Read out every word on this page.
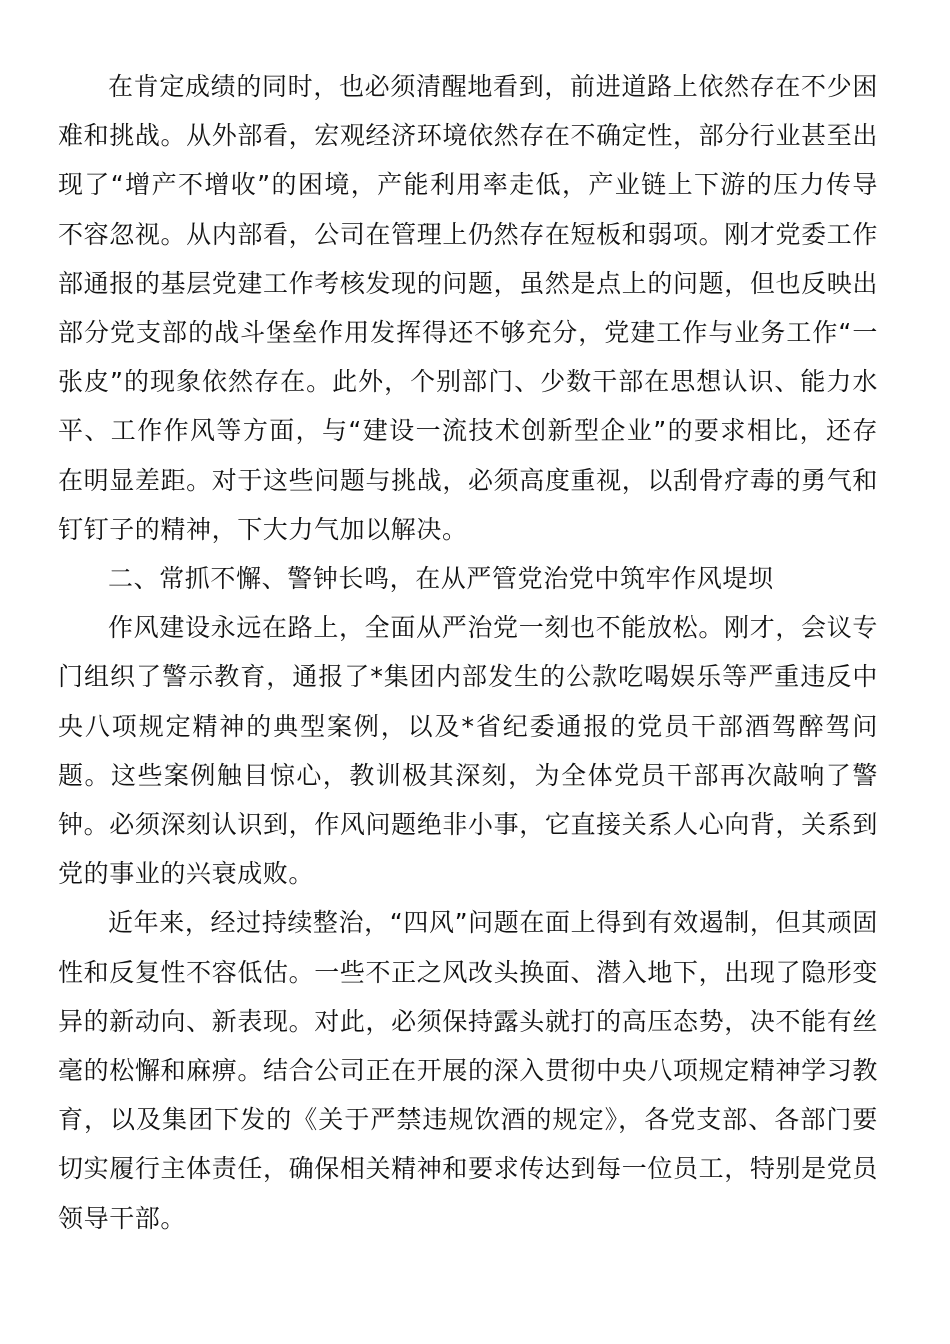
在肯定成绩的同时，也必须清醒地看到，前进道路上依然存在不少困难和挑战。从外部看，宏观经济环境依然存在不确定性，部分行业甚至出现了“增产不增收”的困境，产能利用率走低，产业链上下游的压力传导不容忽视。从内部看，公司在管理上仍然存在短板和弱项。刚才党委工作部通报的基层党建工作考核发现的问题，虽然是点上的问题，但也反映出部分党支部的战斗堡垒作用发挥得还不够充分，党建工作与业务工作“一张皮”的现象依然存在。此外，个别部门、少数干部在思想认识、能力水平、工作作风等方面，与“建设一流技术创新型企业”的要求相比，还存在明显差距。对于这些问题与挑战，必须高度重视，以刮骨疗毒的勇气和钉钉子的精神，下大力气加以解决。

二、常抓不懈、警钟长鸣，在从严管党治党中筑牢作风堤坝

作风建设永远在路上，全面从严治党一刻也不能放松。刚才，会议专门组织了警示教育，通报了*集团内部发生的公款吃喝娱乐等严重违反中央八项规定精神的典型案例，以及*省纪委通报的党员干部酒驾醉驾问题。这些案例触目惊心，教训极其深刻，为全体党员干部再次敲响了警钟。必须深刻认识到，作风问题绝非小事，它直接关系人心向背，关系到党的事业的兴衰成败。

近年来，经过持续整治，“四风”问题在面上得到有效遏制，但其顽固性和反复性不容低估。一些不正之风改头换面、潜入地下，出现了隐形变异的新动向、新表现。对此，必须保持露头就打的高压态势，决不能有丝毫的松懈和麻痹。结合公司正在开展的深入贯彻中央八项规定精神学习教育，以及集团下发的《关于严禁违规饮酒的规定》，各党支部、各部门要切实履行主体责任，确保相关精神和要求传达到每一位员工，特别是党员领导干部。
